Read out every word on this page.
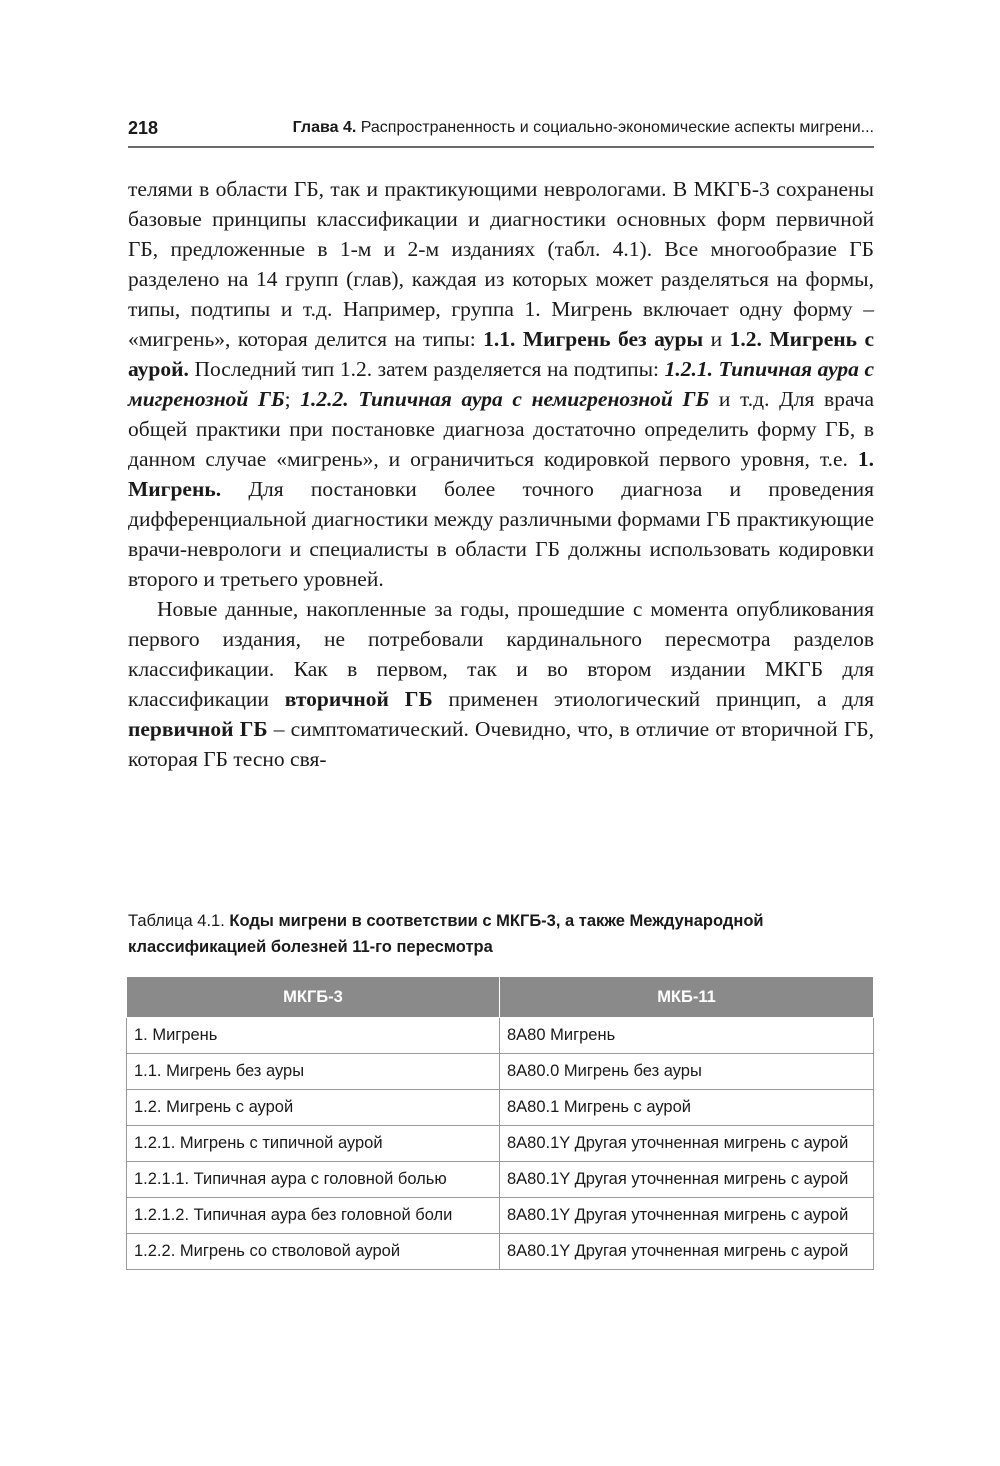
218	Глава 4. Распространенность и социально-экономические аспекты мигрени...

телями в области ГБ, так и практикующими неврологами. В МКГБ-3 сохранены базовые принципы классификации и диагностики основных форм первичной ГБ, предложенные в 1-м и 2-м изданиях (табл. 4.1). Все многообразие ГБ разделено на 14 групп (глав), каждая из которых может разделяться на формы, типы, подтипы и т.д. Например, группа 1. Мигрень включает одну форму – «мигрень», которая делится на типы: 1.1. Мигрень без ауры и 1.2. Мигрень с аурой. Последний тип 1.2. затем разделяется на подтипы: 1.2.1. Типичная аура с мигренозной ГБ; 1.2.2. Типичная аура с немигренозной ГБ и т.д. Для врача общей практики при постановке диагноза достаточно определить форму ГБ, в данном случае «мигрень», и ограничиться кодировкой первого уровня, т.е. 1. Мигрень. Для постановки более точного диагноза и проведения дифференциальной диагностики между различными формами ГБ практикующие врачи-неврологи и специалисты в области ГБ должны использовать кодировки второго и третьего уровней.

Новые данные, накопленные за годы, прошедшие с момента опубликования первого издания, не потребовали кардинального пересмотра разделов классификации. Как в первом, так и во втором издании МКГБ для классификации вторичной ГБ применен этиологический принцип, а для первичной ГБ – симптоматический. Очевидно, что, в отличие от вторичной ГБ, которая ГБ тесно свя-

Таблица 4.1. Коды мигрени в соответствии с МКГБ-3, а также Международной классификацией болезней 11-го пересмотра
МКГБ-3	МКБ-11
1. Мигрень	8A80 Мигрень
1.1. Мигрень без ауры	8A80.0 Мигрень без ауры
1.2. Мигрень с аурой	8A80.1 Мигрень с аурой
1.2.1. Мигрень с типичной аурой	8A80.1Y Другая уточненная мигрень с аурой
1.2.1.1. Типичная аура с головной болью	8A80.1Y Другая уточненная мигрень с аурой
1.2.1.2. Типичная аура без головной боли	8A80.1Y Другая уточненная мигрень с аурой
1.2.2. Мигрень со стволовой аурой	8A80.1Y Другая уточненная мигрень с аурой
